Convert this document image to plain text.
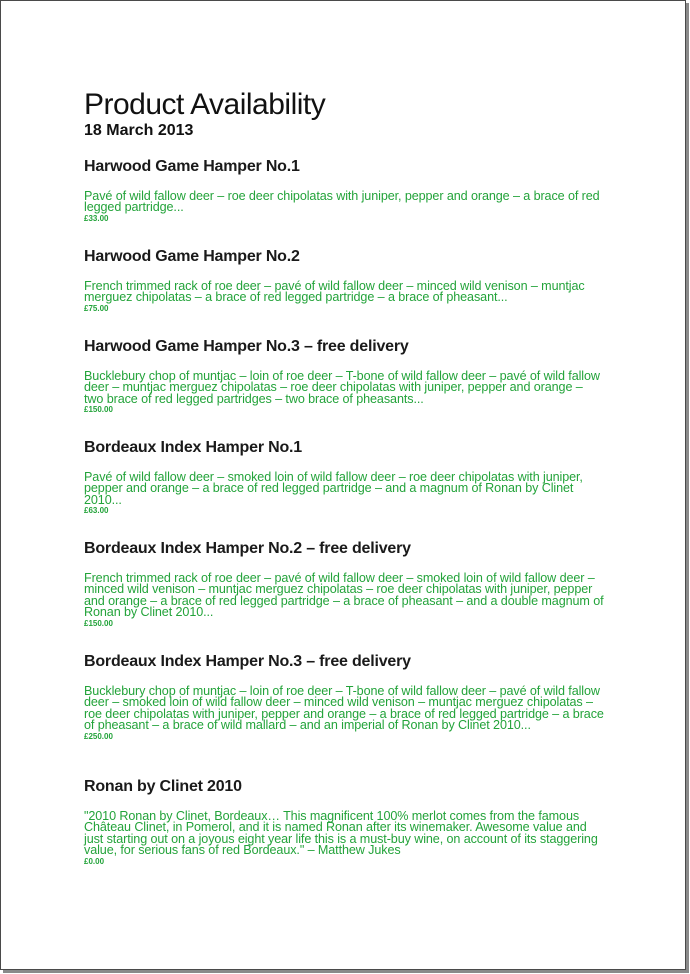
Product Availability
18 March 2013
Harwood Game Hamper No.1

Pavé of wild fallow deer – roe deer chipolatas with juniper, pepper and orange – a brace of red legged partridge...

£33.00
Harwood Game Hamper No.2

French trimmed rack of roe deer – pavé of wild fallow deer – minced wild venison – muntjac merguez chipolatas – a brace of red legged partridge – a brace of pheasant...

£75.00
Harwood Game Hamper No.3 – free delivery

Bucklebury chop of muntjac – loin of roe deer – T-bone of wild fallow deer – pavé of wild fallow deer – muntjac merguez chipolatas – roe deer chipolatas with juniper, pepper and orange – two brace of red legged partridges – two brace of pheasants...

£150.00
Bordeaux Index Hamper No.1

Pavé of wild fallow deer – smoked loin of wild fallow deer – roe deer chipolatas with juniper, pepper and orange – a brace of red legged partridge – and a magnum of Ronan by Clinet 2010...

£63.00
Bordeaux Index Hamper No.2 – free delivery

French trimmed rack of roe deer – pavé of wild fallow deer – smoked loin of wild fallow deer – minced wild venison – muntjac merguez chipolatas – roe deer chipolatas with juniper, pepper and orange – a brace of red legged partridge – a brace of pheasant – and a double magnum of Ronan by Clinet 2010...

£150.00
Bordeaux Index Hamper No.3 – free delivery

Bucklebury chop of muntjac – loin of roe deer – T-bone of wild fallow deer – pavé of wild fallow deer – smoked loin of wild fallow deer – minced wild venison – muntjac merguez chipolatas – roe deer chipolatas with juniper, pepper and orange – a brace of red legged partridge – a brace of pheasant – a brace of wild mallard – and an imperial of Ronan by Clinet 2010...

£250.00
Ronan by Clinet 2010

"2010 Ronan by Clinet, Bordeaux… This magnificent 100% merlot comes from the famous Château Clinet, in Pomerol, and it is named Ronan after its winemaker. Awesome value and just starting out on a joyous eight year life this is a must-buy wine, on account of its staggering value, for serious fans of red Bordeaux." – Matthew Jukes

£0.00
